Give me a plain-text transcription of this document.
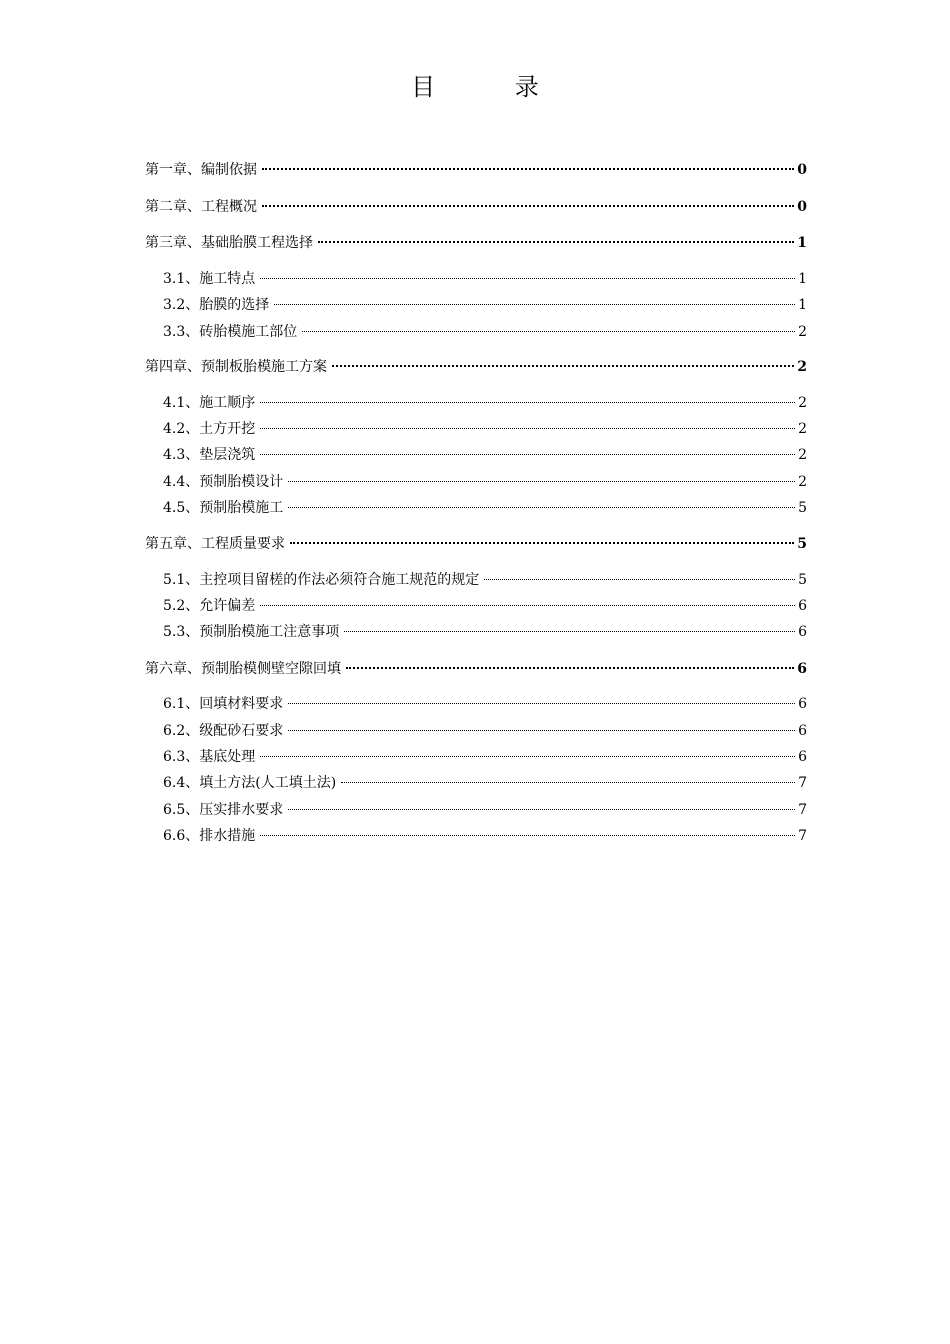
目 录
第一章、编制依据	0
第二章、工程概况	0
第三章、基础胎膜工程选择	1
3.1、施工特点	1
3.2、胎膜的选择	1
3.3、砖胎模施工部位	2
第四章、预制板胎模施工方案	2
4.1、施工顺序	2
4.2、土方开挖	2
4.3、垫层浇筑	2
4.4、预制胎模设计	2
4.5、预制胎模施工	5
第五章、工程质量要求	5
5.1、主控项目留槎的作法必须符合施工规范的规定	5
5.2、允许偏差	6
5.3、预制胎模施工注意事项	6
第六章、预制胎模侧壁空隙回填	6
6.1、回填材料要求	6
6.2、级配砂石要求	6
6.3、基底处理	6
6.4、填土方法(人工填土法)	7
6.5、压实排水要求	7
6.6、排水措施	7
